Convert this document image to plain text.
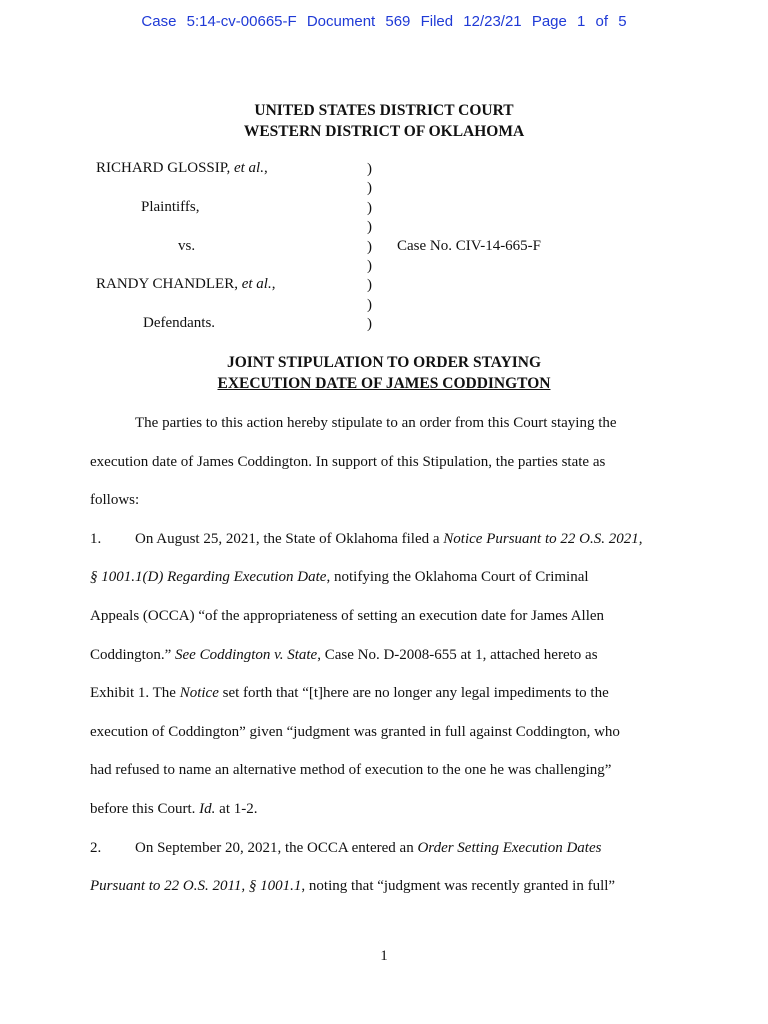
Case 5:14-cv-00665-F Document 569 Filed 12/23/21 Page 1 of 5
UNITED STATES DISTRICT COURT
WESTERN DISTRICT OF OKLAHOMA
RICHARD GLOSSIP, et al.,
Plaintiffs,
vs.
RANDY CHANDLER, et al.,
Defendants.
)
)
)
)
)
)
)
)
)
Case No. CIV-14-665-F
JOINT STIPULATION TO ORDER STAYING
EXECUTION DATE OF JAMES CODDINGTON

The parties to this action hereby stipulate to an order from this Court staying the

execution date of James Coddington. In support of this Stipulation, the parties state as

follows:

1. On August 25, 2021, the State of Oklahoma filed a Notice Pursuant to 22 O.S. 2021,

§ 1001.1(D) Regarding Execution Date, notifying the Oklahoma Court of Criminal

Appeals (OCCA) “of the appropriateness of setting an execution date for James Allen

Coddington.” See Coddington v. State, Case No. D-2008-655 at 1, attached hereto as

Exhibit 1. The Notice set forth that “[t]here are no longer any legal impediments to the

execution of Coddington” given “judgment was granted in full against Coddington, who

had refused to name an alternative method of execution to the one he was challenging”

before this Court. Id. at 1-2.

2. On September 20, 2021, the OCCA entered an Order Setting Execution Dates

Pursuant to 22 O.S. 2011, § 1001.1, noting that “judgment was recently granted in full”

1
